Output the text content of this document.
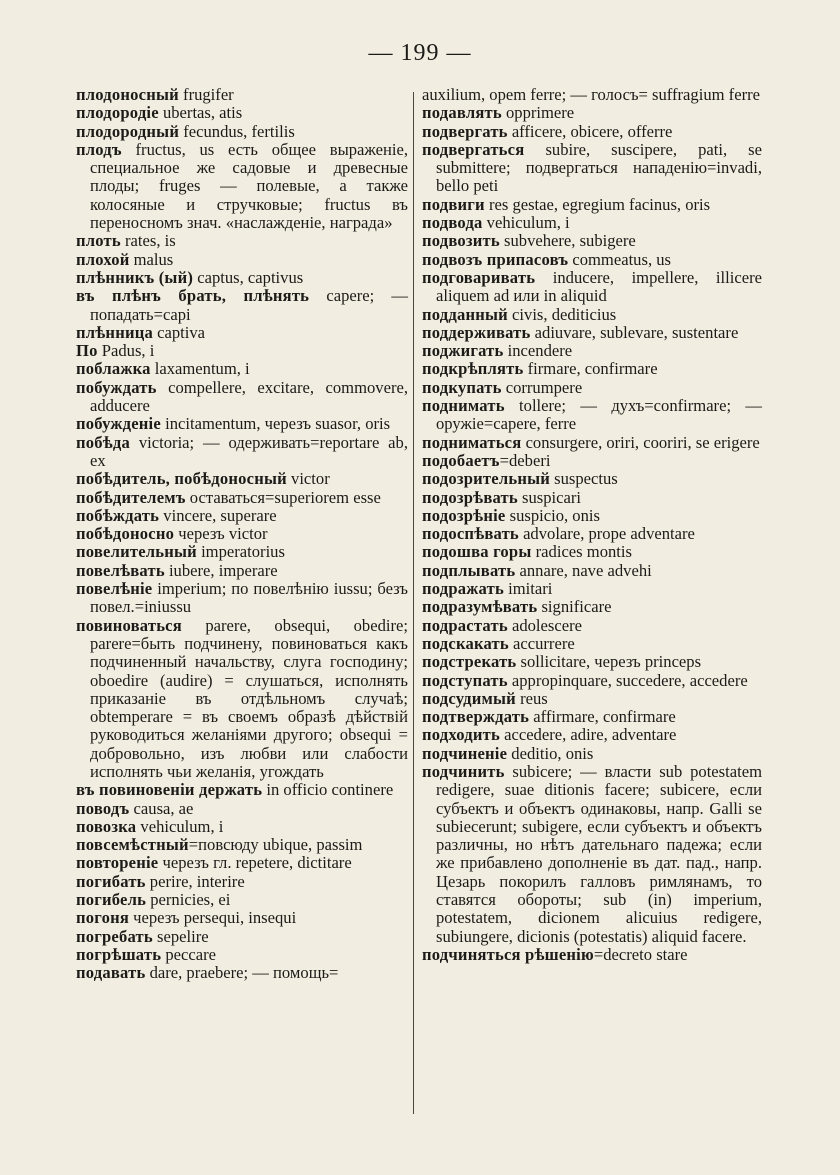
— 199 —

плодоносный frugifer

плодородіе ubertas, atis

плодородный fecundus, fertilis

плодъ fructus, us есть общее выраженіе, специальное же садовые и древесные плоды; fruges — полевые, а также колосяные и стручковые; fructus въ переносномъ знач. «наслажденіе, награда»

плоть rates, is

плохой malus

плѣнникъ (ый) captus, captivus

въ плѣнъ брать, плѣнять capere; — попадать=capi

плѣнница captiva

По Padus, i

поблажка laxamentum, i

побуждать compellere, excitare, commovere, adducere

побужденіе incitamentum, черезъ suasor, oris

побѣда victoria; — одерживать=reportare ab, ex

побѣдитель, побѣдоносный victor

побѣдителемъ оставаться=superiorem esse

побѣждать vincere, superare

побѣдоносно черезъ victor

повелительный imperatorius

повелѣвать iubere, imperare

повелѣніе imperium; по повелѣнію iussu; безъ повел.=iniussu

повиноваться parere, obsequi, obedire; parere=быть подчинену, повиноваться какъ подчиненный начальству, слуга господину; oboedire (audire) = слушаться, исполнять приказаніе въ отдѣльномъ случаѣ; obtemperare = въ своемъ образѣ дѣйствій руководиться желаніями другого; obsequi = добровольно, изъ любви или слабости исполнять чьи желанія, угождать

въ повиновеніи держать in officio continere

поводъ causa, ae

повозка vehiculum, i

повсемѣстный=повсюду ubique, passim

повтореніе черезъ гл. repetere, dictitare

погибать perire, interire

погибель pernicies, ei

погоня черезъ persequi, insequi

погребать sepelire

погрѣшать peccare

подавать dare, praebere; — помощь=

auxilium, opem ferre; — голосъ= suffragium ferre

подавлять opprimere

подвергать afficere, obicere, offerre

подвергаться subire, suscipere, pati, se submittere; подвергаться нападенію=invadi, bello peti

подвиги res gestae, egregium facinus, oris

подвода vehiculum, i

подвозить subvehere, subigere

подвозъ припасовъ commeatus, us

подговаривать inducere, impellere, illicere aliquem ad или in aliquid

подданный civis, dediticius

поддерживать adiuvare, sublevare, sustentare

поджигать incendere

подкрѣплять firmare, confirmare

подкупать corrumpere

поднимать tollere; — духъ=confirmare; — оружіе=capere, ferre

подниматься consurgere, oriri, cooriri, se erigere

подобаетъ=deberi

подозрительный suspectus

подозрѣвать suspicari

подозрѣніе suspicio, onis

подоспѣвать advolare, prope adventare

подошва горы radices montis

подплывать annare, nave advehi

подражать imitari

подразумѣвать significare

подрастать adolescere

подскакать accurrere

подстрекать sollicitare, черезъ princeps

подступать appropinquare, succedere, accedere

подсудимый reus

подтверждать affirmare, confirmare

подходить accedere, adire, adventare

подчиненіе deditio, onis

подчинить subicere; — власти sub potestatem redigere, suae ditionis facere; subicere, если субъектъ и объектъ одинаковы, напр. Galli se subiecerunt; subigere, если субъектъ и объектъ различны, но нѣтъ дательнаго падежа; если же прибавлено дополненіе въ дат. пад., напр. Цезарь покорилъ галловъ римлянамъ, то ставятся обороты; sub (in) imperium, potestatem, dicionem alicuius redigere, subiungere, dicionis (potestatis) aliquid facere.

подчиняться рѣшенію=decreto stare
